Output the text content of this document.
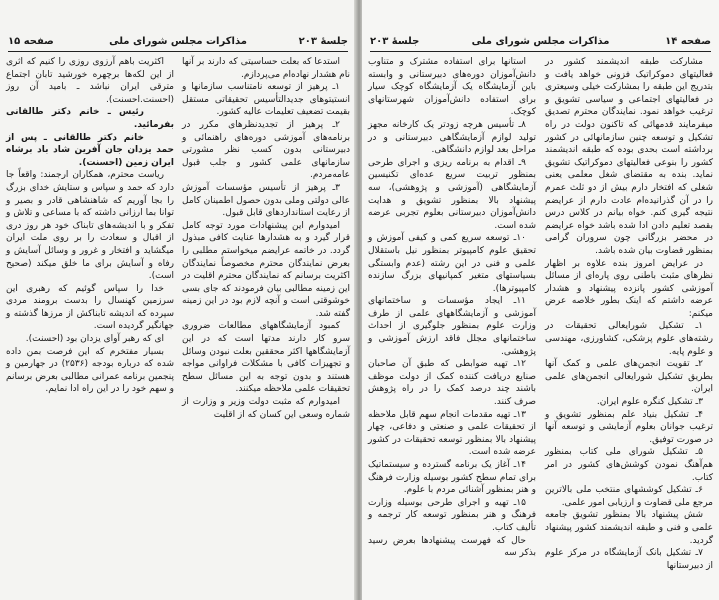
جلسهٔ ۲۰۳
مذاکرات مجلس شورای ملی
صفحه ۱۵

استدعا که بعلت حساسیتی که دارند بر آنها نام هشدار نهاده‌ام می‌پردازم.

۱ـ پرهیز از توسعه نامتناسب سازمانها و انستیتوهای جدیدالتأسیس تحقیقاتی مستقل بقیمت تضعیف تعلیمات عالیه کشور.

۲ـ پرهیز از تجدیدنظرهای مکرر در برنامه‌های آموزشی دوره‌های راهنمائی و دبیرستانی بدون کسب نظر مشورتی سازمانهای علمی کشور و جلب قبول عامه‌مردم.

۳ـ پرهیز از تأسیس مؤسسات آموزش عالی دولتی وملی بدون حصول اطمینان کامل از رعایت استانداردهای قابل قبول.

امیدوارم این پیشنهادات مورد توجه کامل قرار گیرد و به هشدارها عنایت کافی مبذول گردد. در خاتمه عرایضم میخواستم مطلبی را بعرض نمایندگان محترم مخصوصاً نمایندگان اکثریت برسانم که نمایندگان محترم اقلیت در این زمینه مطالبی بیان فرمودند که جای بسی خوشوقتی است و آنچه لازم بود در این زمینه گفته شد.

کمبود آزمایشگاههای مطالعات ضروری سرو کار دارند مدتها است که در این آزمایشگاهها اکثر محققین بعلت نبودن وسائل و تجهیزات کافی با مشکلات فراوانی مواجه هستند و بدون توجه به این مسائل سطح تحقیقات علمی ملاحظه میکنند.

امیدوارم که مثبت دولت وزیر و وزارت از شماره وسعی این کسان که از اقلیت

اکثریت باهم آرزوی روزی را کنیم که اثری از این لکه‌ها برچهره خورشید تابان اجتماع مترقی ایران نباشد ـ بامید آن روز (احسنت.احسنت).

رئیس ـ خانم دکتر طالقانی بفرمائید.

خانم دکتر طالقانی ـ پس از حمد یزدان جان آفرین شاد باد برشاه ایران زمین (احسنت).

ریاست محترم، همکاران ارجمند: واقعاً جا دارد که حمد و سپاس و ستایش خدای بزرگ را بجا آوریم که شاهنشاهی قادر و بصیر و توانا بما ارزانی داشته که با مساعی و تلاش و تفکر و با اندیشه‌های تابناک خود هر روز دری از اقبال و سعادت را بر روی ملت ایران میگشاید و افتخار و غرور و وسائل آسایش و رفاه و آسایش برای ما خلق میکند (صحیح است).

خدا را سپاس گوئیم که رهبری این سرزمین کهنسال را بدست برومند مردی سپرده که اندیشه تابناکش از مرزها گذشته و جهانگیر گردیده است.

ای که رهبر آوای یزدان بود (احسنت).

بسیار مفتخرم که این فرصت بمن داده شده که درباره بودجه (۲۵۳۶) در جهارمین و پنجمین برنامه عمرانی مطالبی بعرض برسانم و سهم خود را در این راه ادا نمایم.

صفحه ۱۴
مذاکرات مجلس شورای ملی
جلسهٔ ۲۰۳

مشارکت طبقه اندیشمند کشور در فعالیتهای دموکراتیک فزونی خواهد یافت و بتدریج این طبقه را بمشارکت خیلی وسیعتری در فعالیتهای اجتماعی و سیاسی تشویق و ترغیب خواهد نمود. نمایندگان محترم تصدیق میفرمایند قدمهائی که تاکنون دولت در راه تشکیل و توسعه چنین سازمانهائی در کشور برداشته است بحدی بوده که طبقه اندیشمند کشور را بنوعی فعالیتهای دموکراتیک تشویق نماید. بنده به مقتضای شغل معلمی یعنی شغلی که افتخار دارم بیش از دو ثلث عمرم را در آن گذرانیده‌ام عادت دارم از عرایضم نتیجه گیری کنم. خواه بیانم در کلاس درس بقصد تعلیم دادن ادا شده باشد خواه عرایضم در محضر بزرگانی چون سروران گرامی بمنظور قضاوت بیان شده باشد.

در عرایض امروز بنده علاوه بر اظهار نظرهای مثبت باطنی روی پاره‌ای از مسائل آموزشی کشور پانزده پیشنهاد و هشدار عرضه داشتم که اینک بطور خلاصه عرض میکنم:

۱ـ تشکیل شورایعالی تحقیقات در رشته‌های علوم پزشکی، کشاورزی، مهندسی و علوم پایه.

۲ـ تقویت انجمن‌های علمی و کمک آنها بطریق تشکیل شورایعالی انجمن‌های علمی ایران.

۳ـ تشکیل کنگره علوم ایران.

۴ـ تشکیل بنیاد علم بمنظور تشویق و ترغیب جوانان بعلوم آزمایشی و توسعه آنها در صورت توفیق.

۵ـ تشکیل شورای ملی کتاب بمنظور هم‌آهنگ نمودن کوشش‌های کشور در امر کتاب.

۶ـ تشکیل کوششهای منتخب ملی بالاترین مرجع ملی قضاوت و ارزیابی امور علمی.

شش پیشنهاد بالا بمنظور تشویق جامعه علمی و فنی و طبقه اندیشمند کشور پیشنهاد گردید.

۷ـ تشکیل بانک آزمایشگاه در مرکز علوم از دبیرستانها

استانها برای استفاده مشترک و متناوب دانش‌آموزان دوره‌های دبیرستانی و وابسته باین آزمایشگاه یک آزمایشگاه کوچک سیار برای استفاده دانش‌آموزان شهرستانهای کوچک.

۸ـ تأسیس هرچه زودتر یک کارخانه مجهز تولید لوازم آزمایشگاهی دبیرستانی و در مراحل بعد لوازم دانشگاهی.

۹ـ اقدام به برنامه ریزی و اجرای طرحی بمنظور تربیت سریع عده‌ای تکنیسین آزمایشگاهی (آموزشی و پژوهشی)، سه پیشنهاد بالا بمنظور تشویق و هدایت دانش‌آموزان دبیرستانی بعلوم تجربی عرضه شده است.

۱۰ـ توسعه سریع کمی و کیفی آموزش و تحقیق علوم کامپیوتر بمنظور نیل باستقلال علمی و فنی در این رشته (عدم وابستگی بسیاستهای متغیر کمپانیهای بزرگ سازنده کامپیوترها).

۱۱ـ ایجاد مؤسسات و ساختمانهای آموزشی و آزمایشگاههای علمی از طرف وزارت علوم بمنظور جلوگیری از احداث ساختمانهای مجلل فاقد ارزش آموزشی و پژوهشی.

۱۲ـ تهیه ضوابطی که طبق آن صاحبان صنایع دریافت کننده کمک از دولت موظف باشند چند درصد کمک را در راه پژوهش صرف کنند.

۱۳ـ تهیه مقدمات انجام سهم قابل ملاحظه از تحقیقات علمی و صنعتی و دفاعی، چهار پیشنهاد بالا بمنظور توسعه تحقیقات در کشور عرضه شده است.

۱۴ـ آغاز یک برنامه گسترده و سیستماتیک برای تمام سطح کشور بوسیله وزارت فرهنگ و هنر بمنظور آشنائی مردم با علوم.

۱۵ـ تهیه و اجرای طرحی بوسیله وزارت فرهنگ و هنر بمنظور توسعه کار ترجمه و تألیف کتاب.

حال که فهرست پیشنهادها بعرض رسید بذکر سه
